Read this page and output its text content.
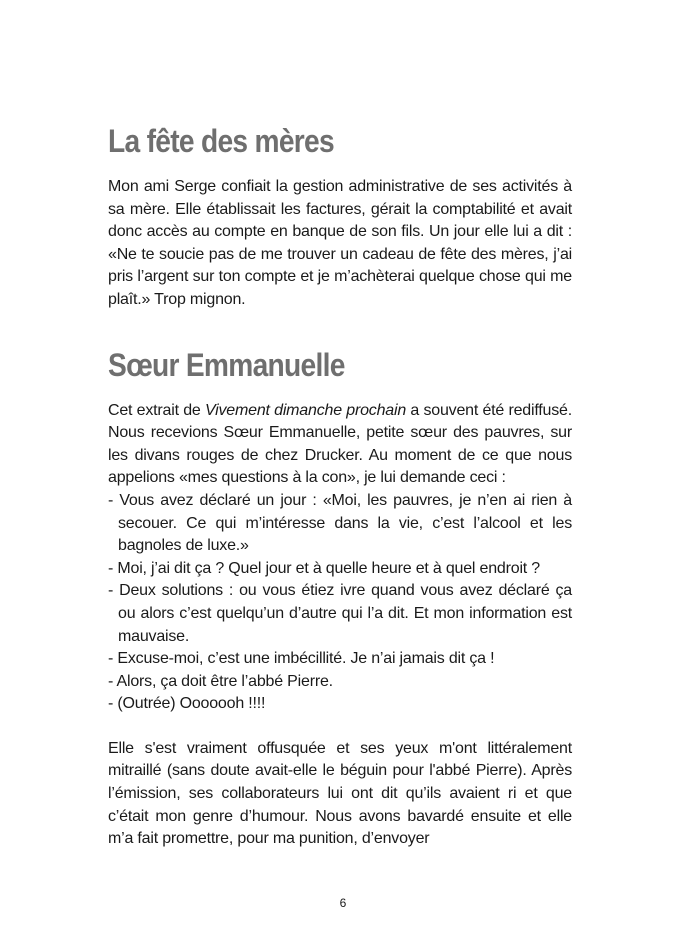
La fête des mères

Mon ami Serge confiait la gestion administrative de ses activités à sa mère. Elle établissait les factures, gérait la comptabilité et avait donc accès au compte en banque de son fils. Un jour elle lui a dit : «Ne te soucie pas de me trouver un cadeau de fête des mères, j’ai pris l’argent sur ton compte et je m’achèterai quelque chose qui me plaît.» Trop mignon.

Sœur Emmanuelle

Cet extrait de Vivement dimanche prochain a souvent été rediffusé. Nous recevions Sœur Emmanuelle, petite sœur des pauvres, sur les divans rouges de chez Drucker. Au moment de ce que nous appelions «mes questions à la con», je lui demande ceci :

- Vous avez déclaré un jour : «Moi, les pauvres, je n’en ai rien à secouer. Ce qui m’intéresse dans la vie, c’est l’alcool et les bagnoles de luxe.»

- Moi, j’ai dit ça ? Quel jour et à quelle heure et à quel endroit ?

- Deux solutions : ou vous étiez ivre quand vous avez déclaré ça ou alors c’est quelqu’un d’autre qui l’a dit. Et mon information est mauvaise.

- Excuse-moi, c’est une imbécillité. Je n’ai jamais dit ça !

- Alors, ça doit être l’abbé Pierre.

- (Outrée) Ooooooh !!!!

Elle s'est vraiment offusquée et ses yeux m'ont littéralement mitraillé (sans doute avait-elle le béguin pour l'abbé Pierre). Après l’émission, ses collaborateurs lui ont dit qu’ils avaient ri et que c’était mon genre d’humour. Nous avons bavardé ensuite et elle m’a fait promettre, pour ma punition, d’envoyer

6
